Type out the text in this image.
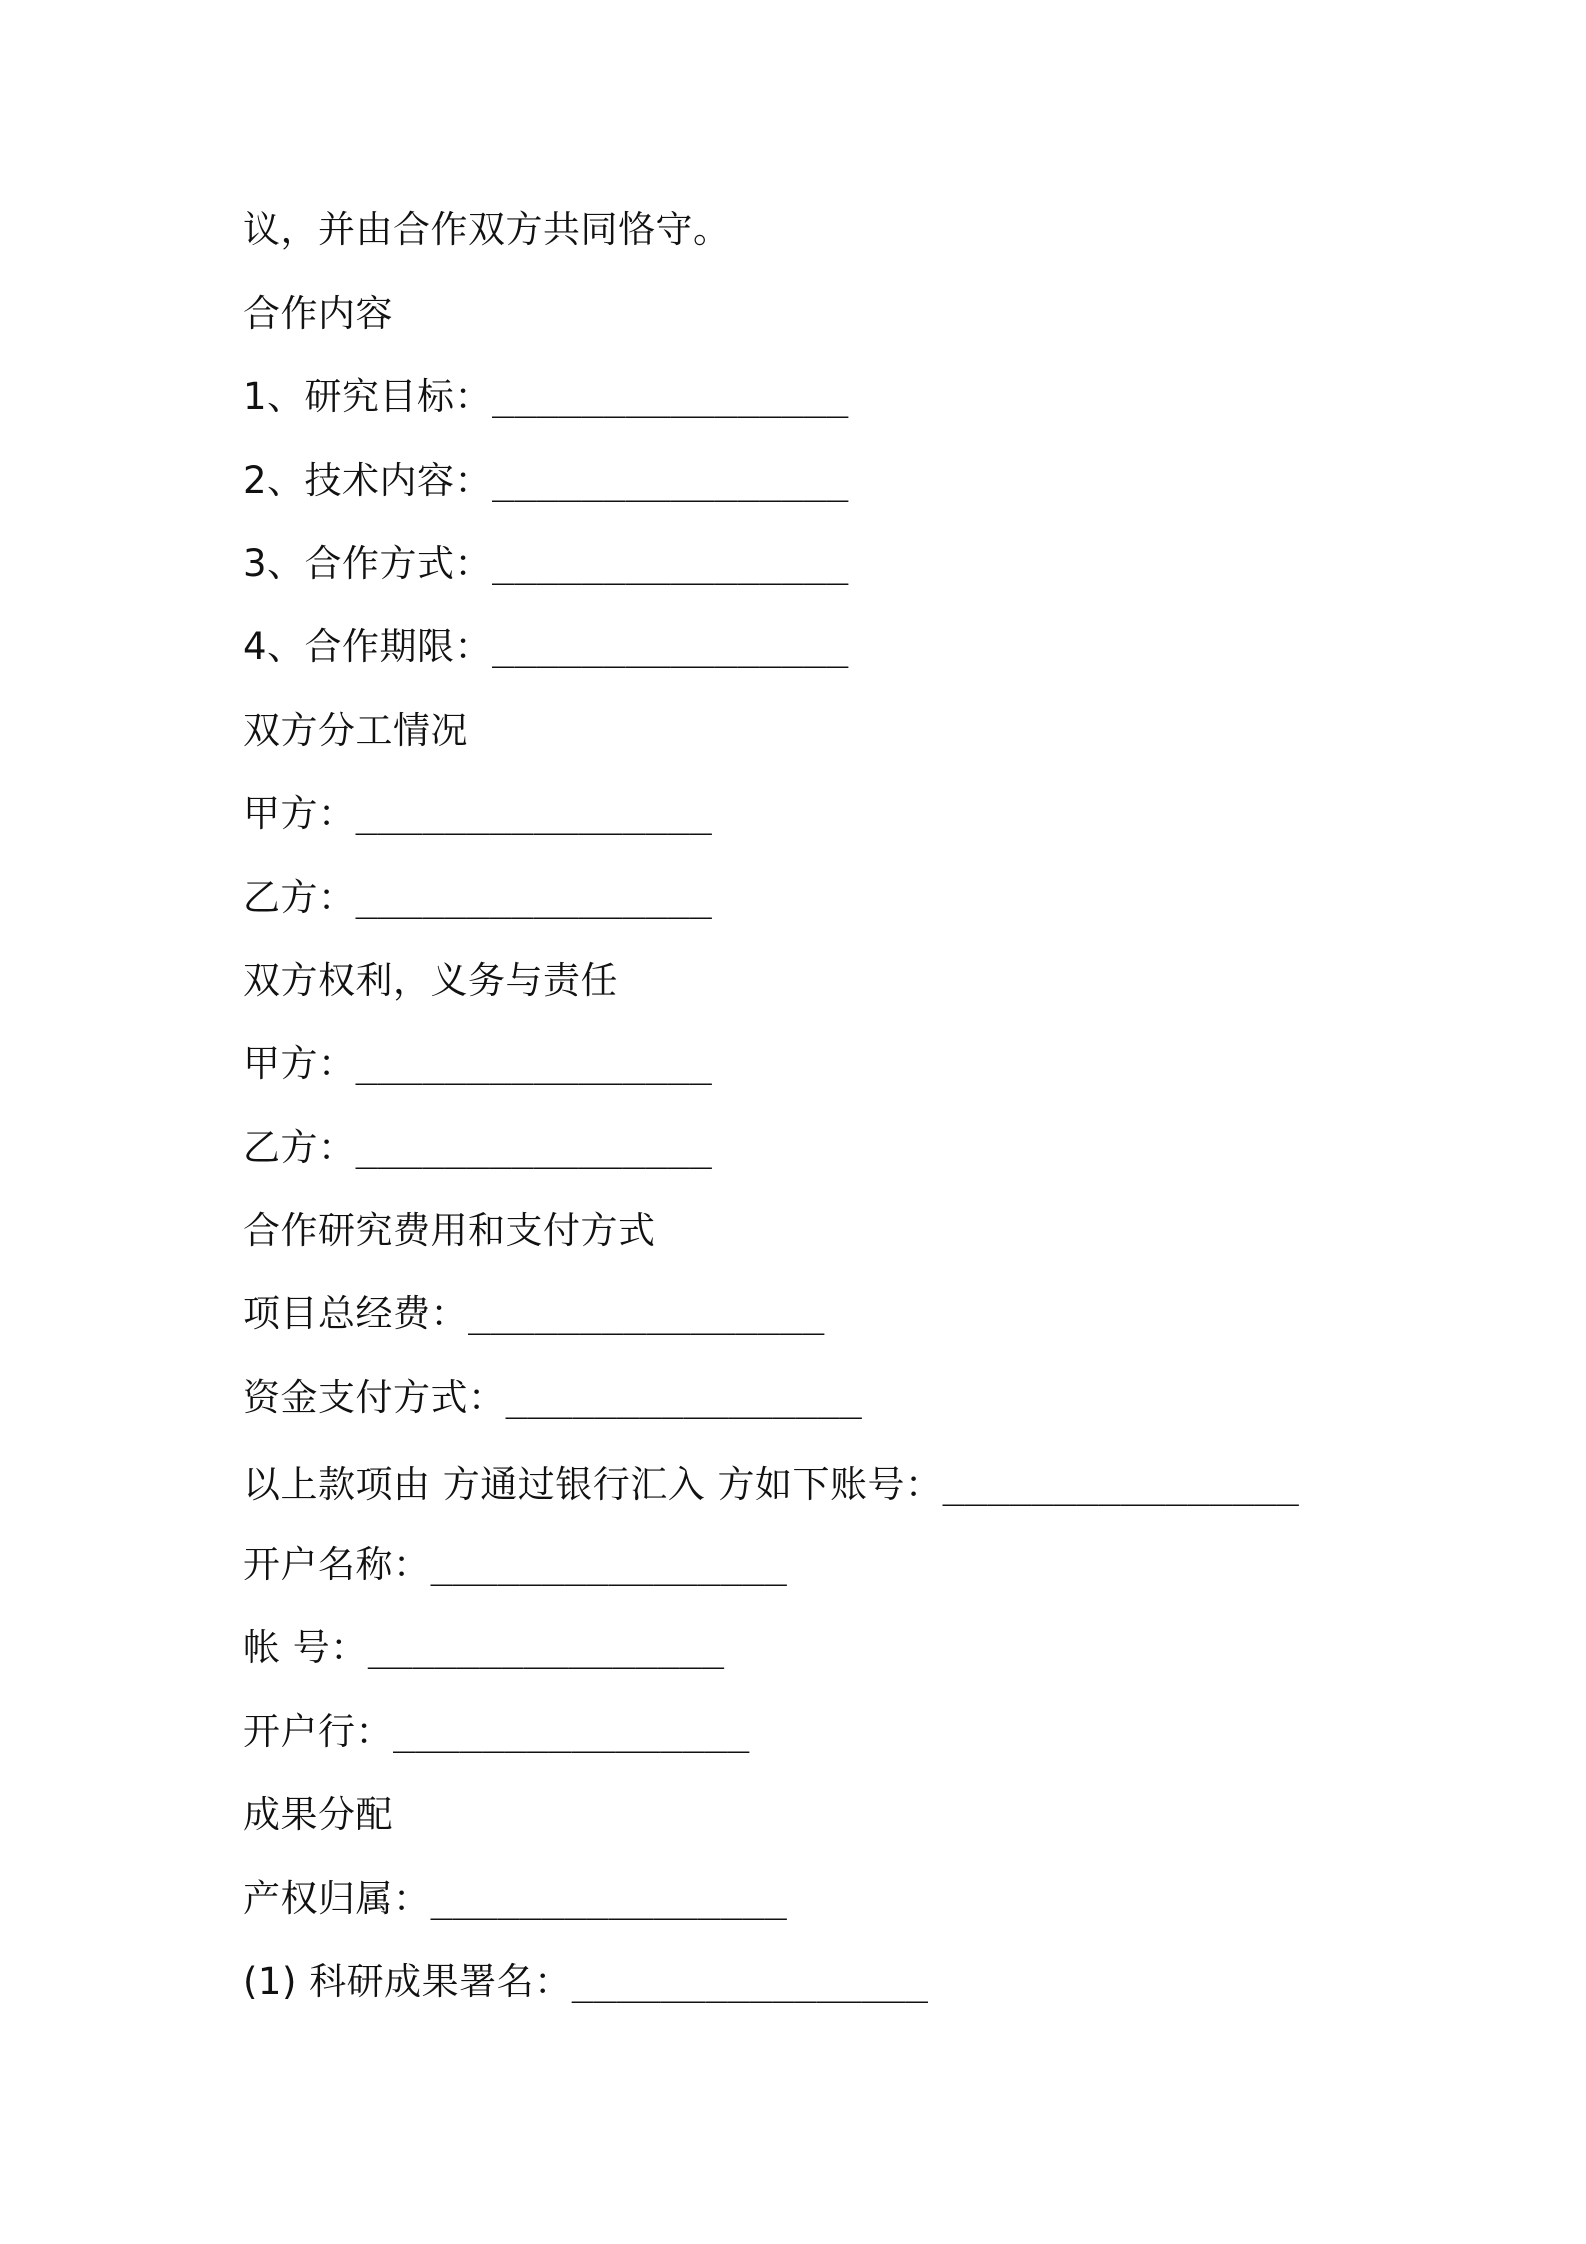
议，并由合作双方共同恪守。
合作内容
1、研究目标：________________
2、技术内容：________________
3、合作方式：________________
4、合作期限：________________
双方分工情况
甲方：________________
乙方：________________
双方权利，义务与责任
甲方：________________
乙方：________________
合作研究费用和支付方式
项目总经费：________________
资金支付方式：________________
以上款项由 方通过银行汇入 方如下账号：________________
开户名称：________________
帐 号：________________
开户行：________________
成果分配
产权归属：________________
(1) 科研成果署名：________________
